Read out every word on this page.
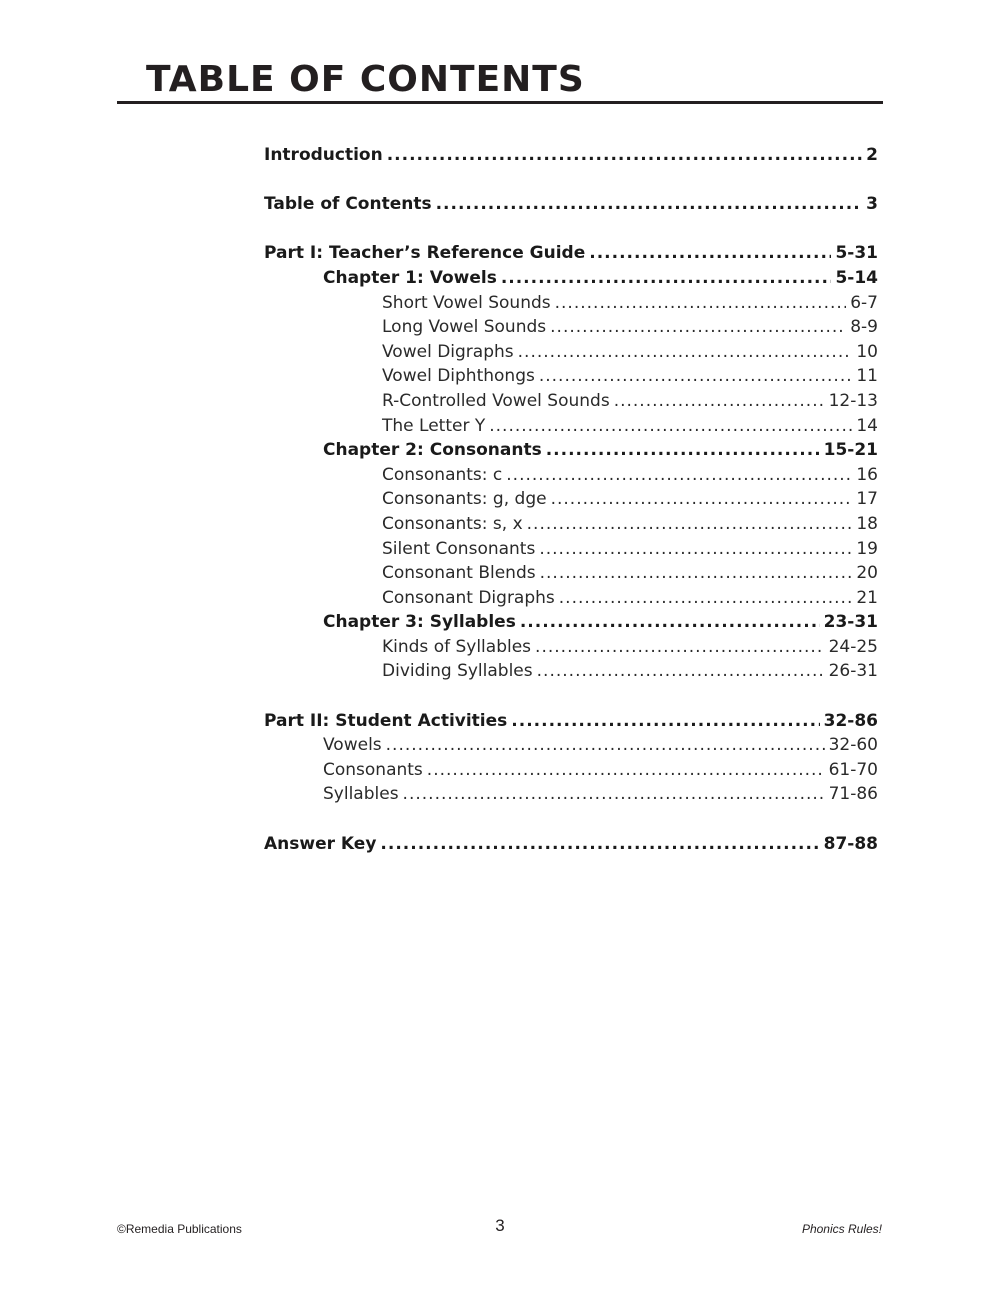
TABLE OF CONTENTS
Introduction .....	2
Table of Contents .....	3
Part I: Teacher’s Reference Guide .....	5-31
Chapter 1: Vowels .....	5-14
Short Vowel Sounds .....	6-7
Long Vowel Sounds .....	8-9
Vowel Digraphs .....	10
Vowel Diphthongs .....	11
R-Controlled Vowel Sounds .....	12-13
The Letter Y .....	14
Chapter 2: Consonants .....	15-21
Consonants: c .....	16
Consonants: g, dge .....	17
Consonants: s, x .....	18
Silent Consonants .....	19
Consonant Blends .....	20
Consonant Digraphs .....	21
Chapter 3: Syllables .....	23-31
Kinds of Syllables .....	24-25
Dividing Syllables .....	26-31
Part II: Student Activities .....	32-86
Vowels .....	32-60
Consonants .....	61-70
Syllables .....	71-86
Answer Key .....	87-88
©Remedia Publications	3	Phonics Rules!
